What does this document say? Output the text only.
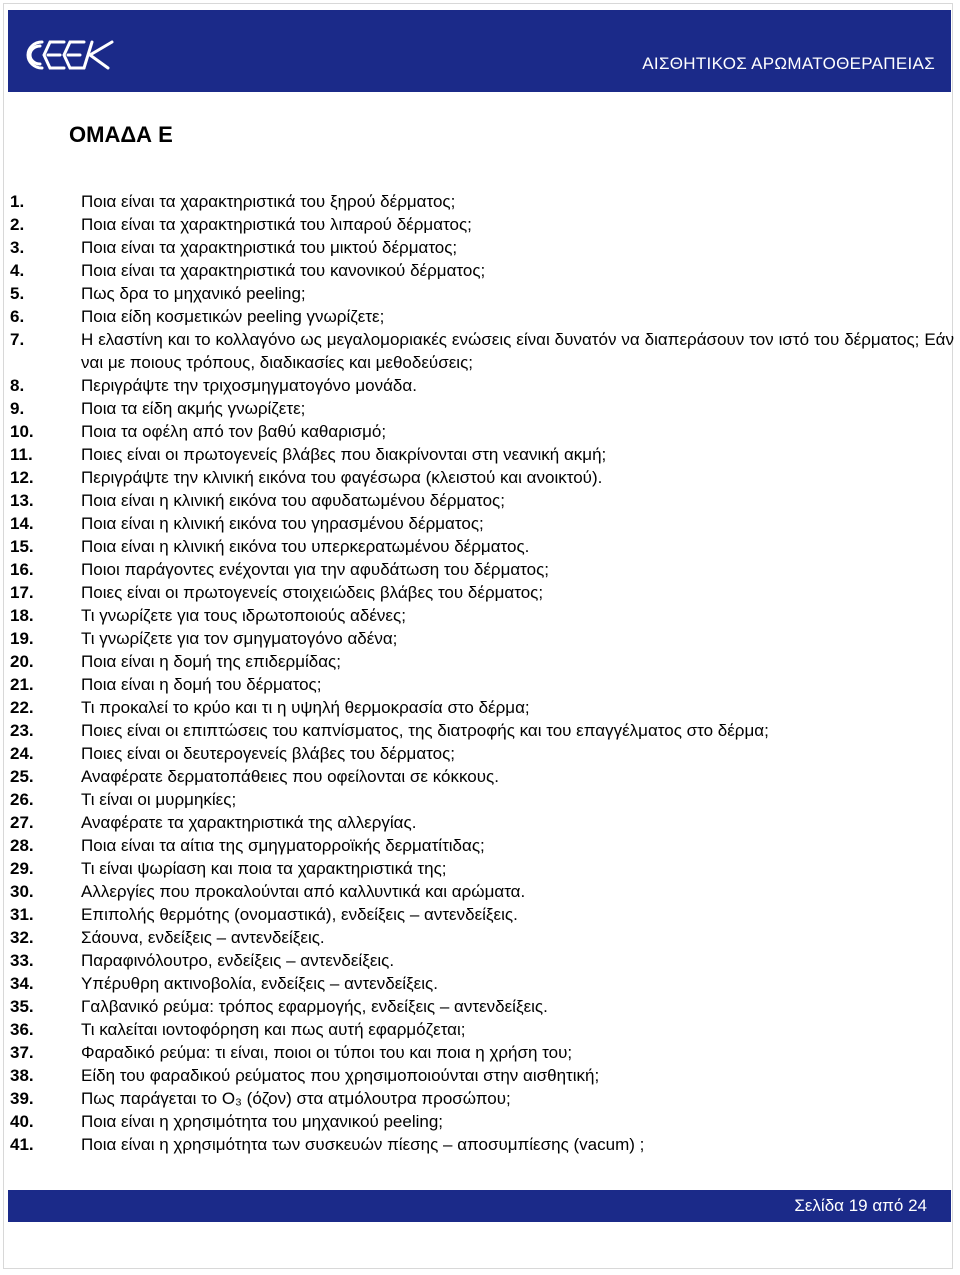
ΑΙΣΘΗΤΙΚΟΣ ΑΡΩΜΑΤΟΘΕΡΑΠΕΙΑΣ
ΟΜΑΔΑ Ε
1.	Ποια είναι τα χαρακτηριστικά του ξηρού δέρματος;
2.	Ποια είναι τα χαρακτηριστικά του λιπαρού δέρματος;
3.	Ποια είναι τα χαρακτηριστικά του μικτού δέρματος;
4.	Ποια είναι τα χαρακτηριστικά του κανονικού δέρματος;
5.	Πως δρα το μηχανικό peeling;
6.	Ποια είδη κοσμετικών peeling γνωρίζετε;
7.	Η ελαστίνη και το κολλαγόνο ως μεγαλομοριακές ενώσεις είναι δυνατόν να διαπεράσουν τον ιστό του δέρματος; Εάν ναι με ποιους τρόπους, διαδικασίες και μεθοδεύσεις;
8.	Περιγράψτε την τριχοσμηγματογόνο μονάδα.
9.	Ποια τα είδη ακμής γνωρίζετε;
10.	Ποια τα οφέλη από τον βαθύ καθαρισμό;
11.	Ποιες είναι οι πρωτογενείς βλάβες που διακρίνονται στη νεανική ακμή;
12.	Περιγράψτε την κλινική εικόνα του φαγέσωρα (κλειστού και ανοικτού).
13.	Ποια είναι η κλινική εικόνα του αφυδατωμένου δέρματος;
14.	Ποια είναι η κλινική εικόνα του γηρασμένου δέρματος;
15.	Ποια είναι η κλινική εικόνα του υπερκερατωμένου δέρματος.
16.	Ποιοι παράγοντες ενέχονται για την αφυδάτωση του δέρματος;
17.	Ποιες είναι οι πρωτογενείς στοιχειώδεις βλάβες του δέρματος;
18.	Τι γνωρίζετε για τους ιδρωτοποιούς αδένες;
19.	Τι γνωρίζετε για τον σμηγματογόνο αδένα;
20.	Ποια είναι η δομή της επιδερμίδας;
21.	Ποια είναι η δομή του δέρματος;
22.	Τι προκαλεί το κρύο και τι η υψηλή θερμοκρασία στο δέρμα;
23.	Ποιες είναι οι επιπτώσεις του καπνίσματος, της διατροφής και του επαγγέλματος στο δέρμα;
24.	Ποιες είναι οι δευτερογενείς βλάβες του δέρματος;
25.	Αναφέρατε δερματοπάθειες που οφείλονται σε κόκκους.
26.	Τι είναι οι μυρμηκίες;
27.	Αναφέρατε τα χαρακτηριστικά της αλλεργίας.
28.	Ποια είναι τα αίτια της σμηγματορροϊκής δερματίτιδας;
29.	Τι είναι ψωρίαση και ποια τα χαρακτηριστικά της;
30.	Αλλεργίες που προκαλούνται από καλλυντικά και αρώματα.
31.	Επιπολής θερμότης (ονομαστικά), ενδείξεις – αντενδείξεις.
32.	Σάουνα, ενδείξεις – αντενδείξεις.
33.	Παραφινόλουτρο, ενδείξεις – αντενδείξεις.
34.	Υπέρυθρη ακτινοβολία, ενδείξεις – αντενδείξεις.
35.	Γαλβανικό ρεύμα: τρόπος εφαρμογής, ενδείξεις – αντενδείξεις.
36.	Τι καλείται ιοντοφόρηση και πως αυτή εφαρμόζεται;
37.	Φαραδικό ρεύμα: τι είναι, ποιοι οι τύποι του και ποια η χρήση του;
38.	Είδη του φαραδικού ρεύματος που χρησιμοποιούνται στην αισθητική;
39.	Πως παράγεται το O₃ (όζον) στα ατμόλουτρα προσώπου;
40.	Ποια είναι η χρησιμότητα του μηχανικού peeling;
41.	Ποια είναι η χρησιμότητα των συσκευών πίεσης – αποσυμπίεσης (vacum) ;
Σελίδα 19 από 24
